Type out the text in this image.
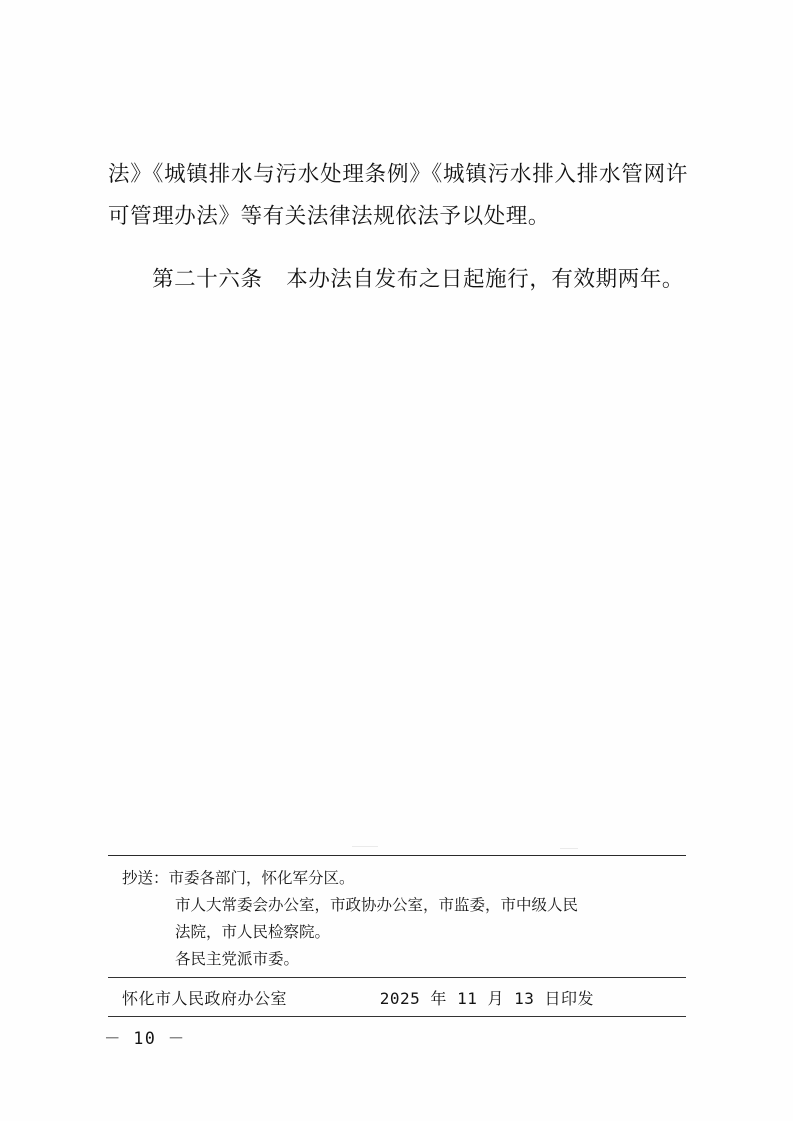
法》《城镇排水与污水处理条例》《城镇污水排入排水管网许可管理办法》等有关法律法规依法予以处理。

第二十六条 本办法自发布之日起施行，有效期两年。

抄送：市委各部门，怀化军分区。
市人大常委会办公室，市政协办公室，市监委，市中级人民
法院，市人民检察院。
各民主党派市委。
怀化市人民政府办公室	2025 年 11 月 13 日印发
－ 10 －
